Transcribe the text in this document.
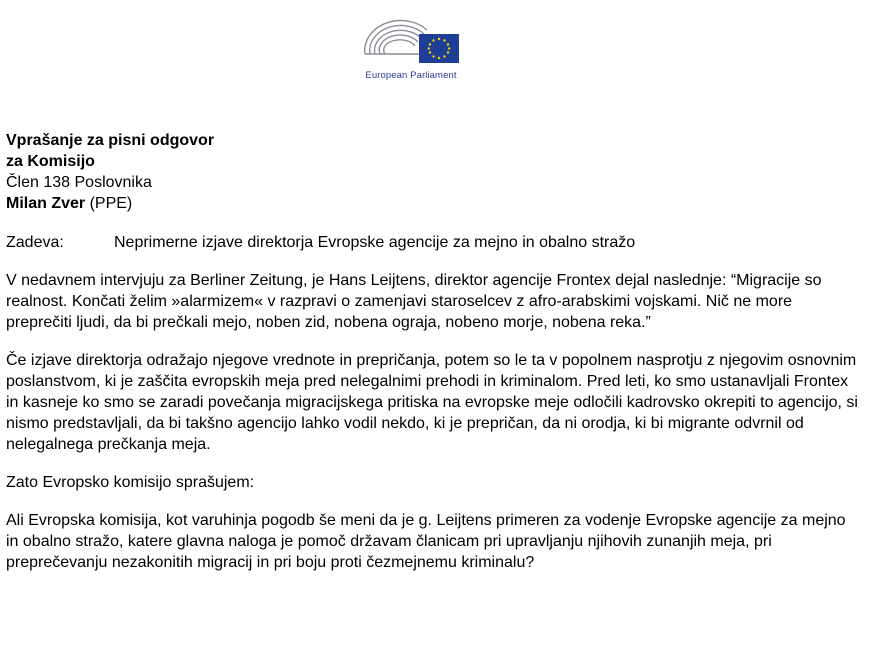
European Parliament
Vprašanje za pisni odgovor
za Komisijo
Člen 138 Poslovnika
Milan Zver (PPE)
Zadeva:	Neprimerne izjave direktorja Evropske agencije za mejno in obalno stražo

V nedavnem intervjuju za Berliner Zeitung, je Hans Leijtens, direktor agencije Frontex dejal naslednje: “Migracije so realnost. Končati želim »alarmizem« v razpravi o zamenjavi staroselcev z afro-arabskimi vojskami. Nič ne more preprečiti ljudi, da bi prečkali mejo, noben zid, nobena ograja, nobeno morje, nobena reka.”

Če izjave direktorja odražajo njegove vrednote in prepričanja, potem so le ta v popolnem nasprotju z njegovim osnovnim poslanstvom, ki je zaščita evropskih meja pred nelegalnimi prehodi in kriminalom. Pred leti, ko smo ustanavljali Frontex in kasneje ko smo se zaradi povečanja migracijskega pritiska na evropske meje odločili kadrovsko okrepiti to agencijo, si nismo predstavljali, da bi takšno agencijo lahko vodil nekdo, ki je prepričan, da ni orodja, ki bi migrante odvrnil od nelegalnega prečkanja meja.

Zato Evropsko komisijo sprašujem:

Ali Evropska komisija, kot varuhinja pogodb še meni da je g. Leijtens primeren za vodenje Evropske agencije za mejno in obalno stražo, katere glavna naloga je pomoč državam članicam pri upravljanju njihovih zunanjih meja, pri preprečevanju nezakonitih migracij in pri boju proti čezmejnemu kriminalu?
